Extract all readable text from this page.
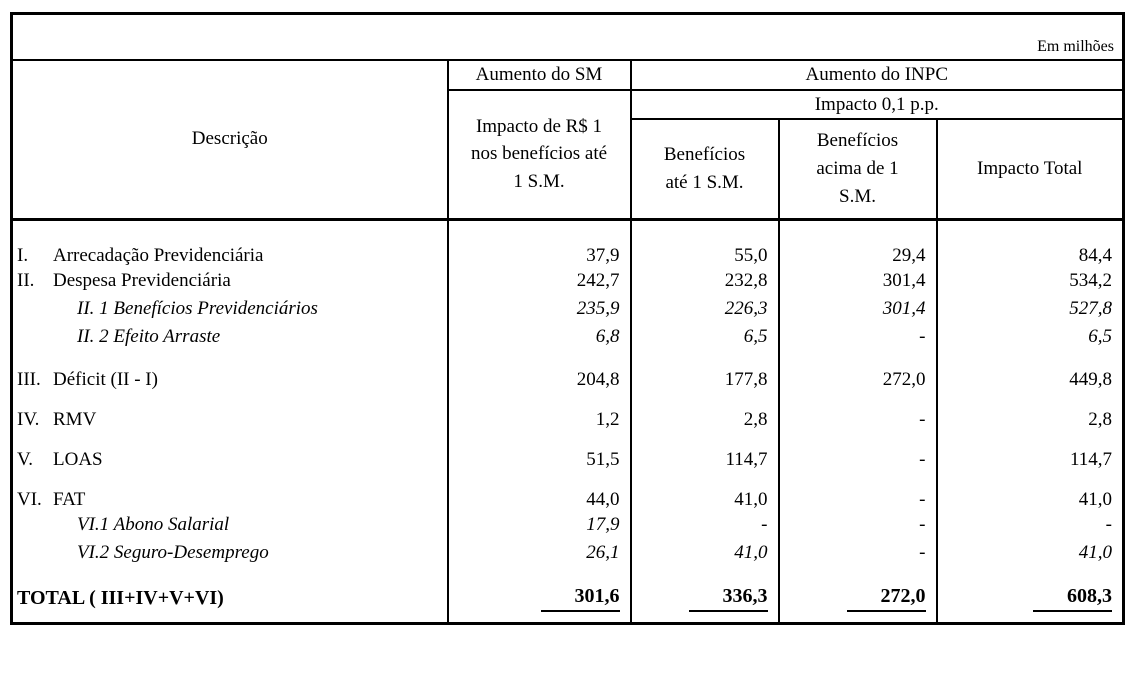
Em milhões				
Descrição	Aumento do SM	Aumento do INPC		
	Impacto de R$ 1 nos benefícios até 1 S.M.	Impacto 0,1 p.p.		
		Benefícios até 1 S.M.	Benefícios acima de 1 S.M.	Impacto Total
I. Arrecadação Previdenciária	37,9	55,0	29,4	84,4
II. Despesa Previdenciária	242,7	232,8	301,4	534,2
II. 1 Benefícios Previdenciários	235,9	226,3	301,4	527,8
II. 2 Efeito Arraste	6,8	6,5	-	6,5
III. Déficit (II - I)	204,8	177,8	272,0	449,8
IV. RMV	1,2	2,8	-	2,8
V. LOAS	51,5	114,7	-	114,7
VI. FAT	44,0	41,0	-	41,0
VI.1 Abono Salarial	17,9	-	-	-
VI.2 Seguro-Desemprego	26,1	41,0	-	41,0
TOTAL ( III+IV+V+VI)	301,6	336,3	272,0	608,3
